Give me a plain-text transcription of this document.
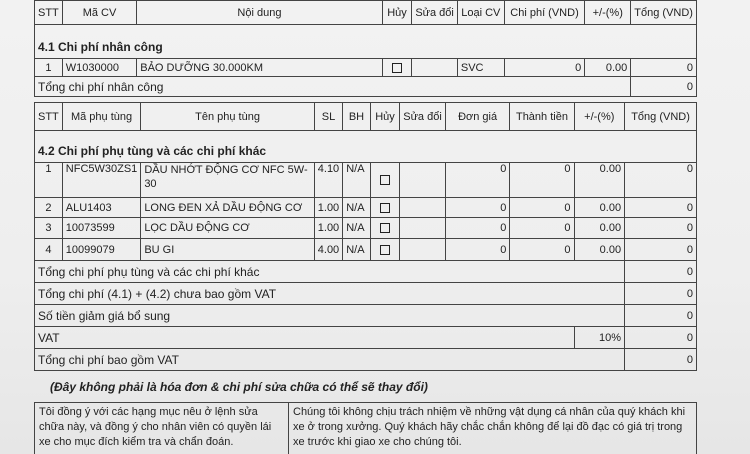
STT	Mã CV	Nội dung	Hủy	Sửa đổi	Loại CV	Chi phí (VND)	+/-(%)	Tổng (VND)

4.1 Chi phí nhân công								
1	W1030000	BẢO DƯỠNG 30.000KM			SVC	0	0.00	0
Tổng chi phí nhân công								0
STT	Mã phụ tùng	Tên phụ tùng	SL	BH	Hủy	Sửa đổi	Đơn giá	Thành tiền	+/-(%)	Tổng (VND)

4.2 Chi phí phụ tùng và các chi phí khác										
1	NFC5W30ZS1	DẦU NHỚT ĐỘNG CƠ NFC 5W-30	4.10	N/A			0	0	0.00	0
2	ALU1403	LONG ĐEN XẢ DẦU ĐỘNG CƠ	1.00	N/A			0	0	0.00	0
3	10073599	LỌC DẦU ĐỘNG CƠ	1.00	N/A			0	0	0.00	0
4	10099079	BU GI	4.00	N/A			0	0	0.00	0
Tổng chi phí phụ tùng và các chi phí khác										0
Tổng chi phí (4.1) + (4.2) chưa bao gồm VAT										0
Số tiền giảm giá bổ sung										0
VAT									10%	0
Tổng chi phí bao gồm VAT										0
(Đây không phải là hóa đơn & chi phí sửa chữa có thể sẽ thay đổi)
Tôi đồng ý với các hạng mục nêu ở lệnh sửa chữa này, và đồng ý cho nhân viên có quyền lái xe cho mục đích kiểm tra và chẩn đoán.
Chúng tôi không chịu trách nhiệm về những vật dụng cá nhân của quý khách khi xe ở trong xưởng. Quý khách hãy chắc chắn không để lại đồ đạc có giá trị trong xe trước khi giao xe cho chúng tôi.
